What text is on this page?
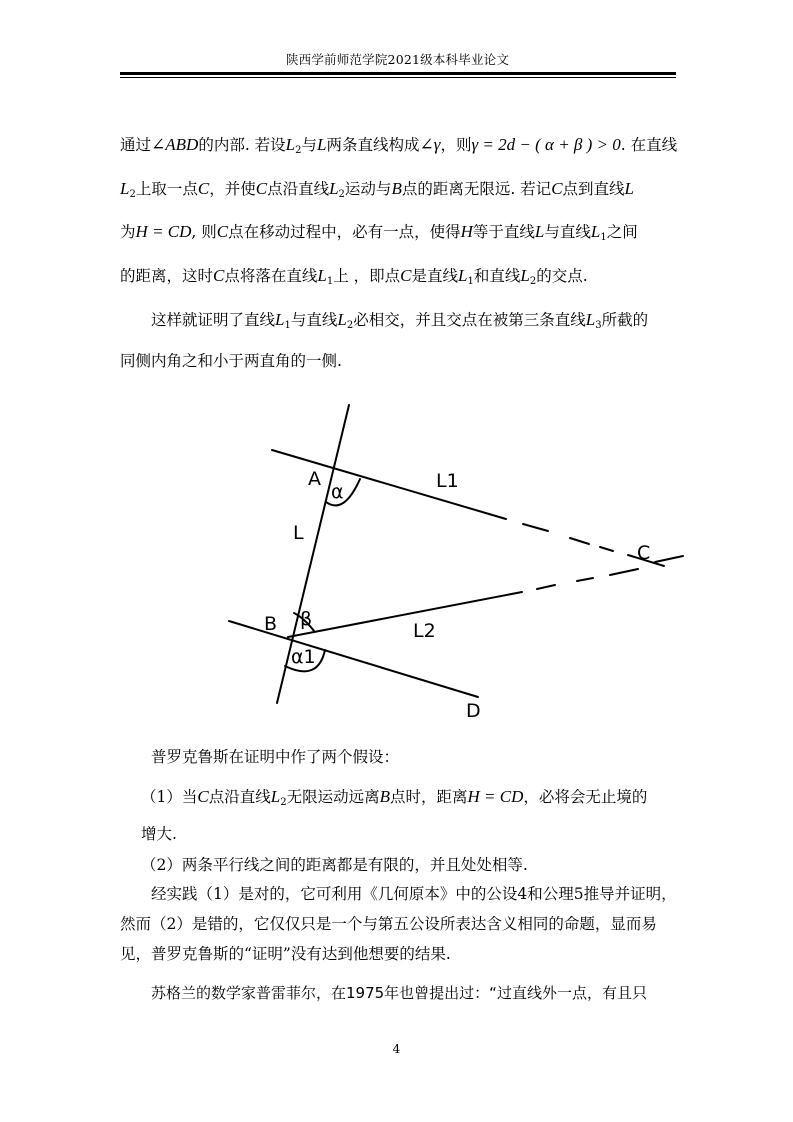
陕西学前师范学院2021级本科毕业论文
通过∠ABD的内部. 若设$L_2$与L两条直线构成∠γ，则γ = 2d − ( α + β ) > 0. 在直线
$L_2$上取一点C，并使C点沿直线$L_2$运动与B点的距离无限远. 若记C点到直线L
为H = CD, 则C点在移动过程中，必有一点，使得H等于直线L与直线$L_1$之间
的距离，这时C点将落在直线$L_1$上 ，即点C是直线$L_1$和直线$L_2$的交点.
这样就证明了直线$L_1$与直线$L_2$必相交，并且交点在被第三条直线$L_3$所截的
同侧内角之和小于两直角的一侧.
A
α	L1
L
C
B β
L2
α1
D
普罗克鲁斯在证明中作了两个假设：
（1）当C点沿直线$L_2$无限运动远离B点时，距离H = CD，必将会无止境的
增大.
（2）两条平行线之间的距离都是有限的，并且处处相等.
经实践（1）是对的，它可利用《几何原本》中的公设4和公理5推导并证明，
然而（2）是错的，它仅仅只是一个与第五公设所表达含义相同的命题，显而易
见，普罗克鲁斯的“证明”没有达到他想要的结果.
苏格兰的数学家普雷菲尔，在1975年也曾提出过：“过直线外一点，有且只
4
